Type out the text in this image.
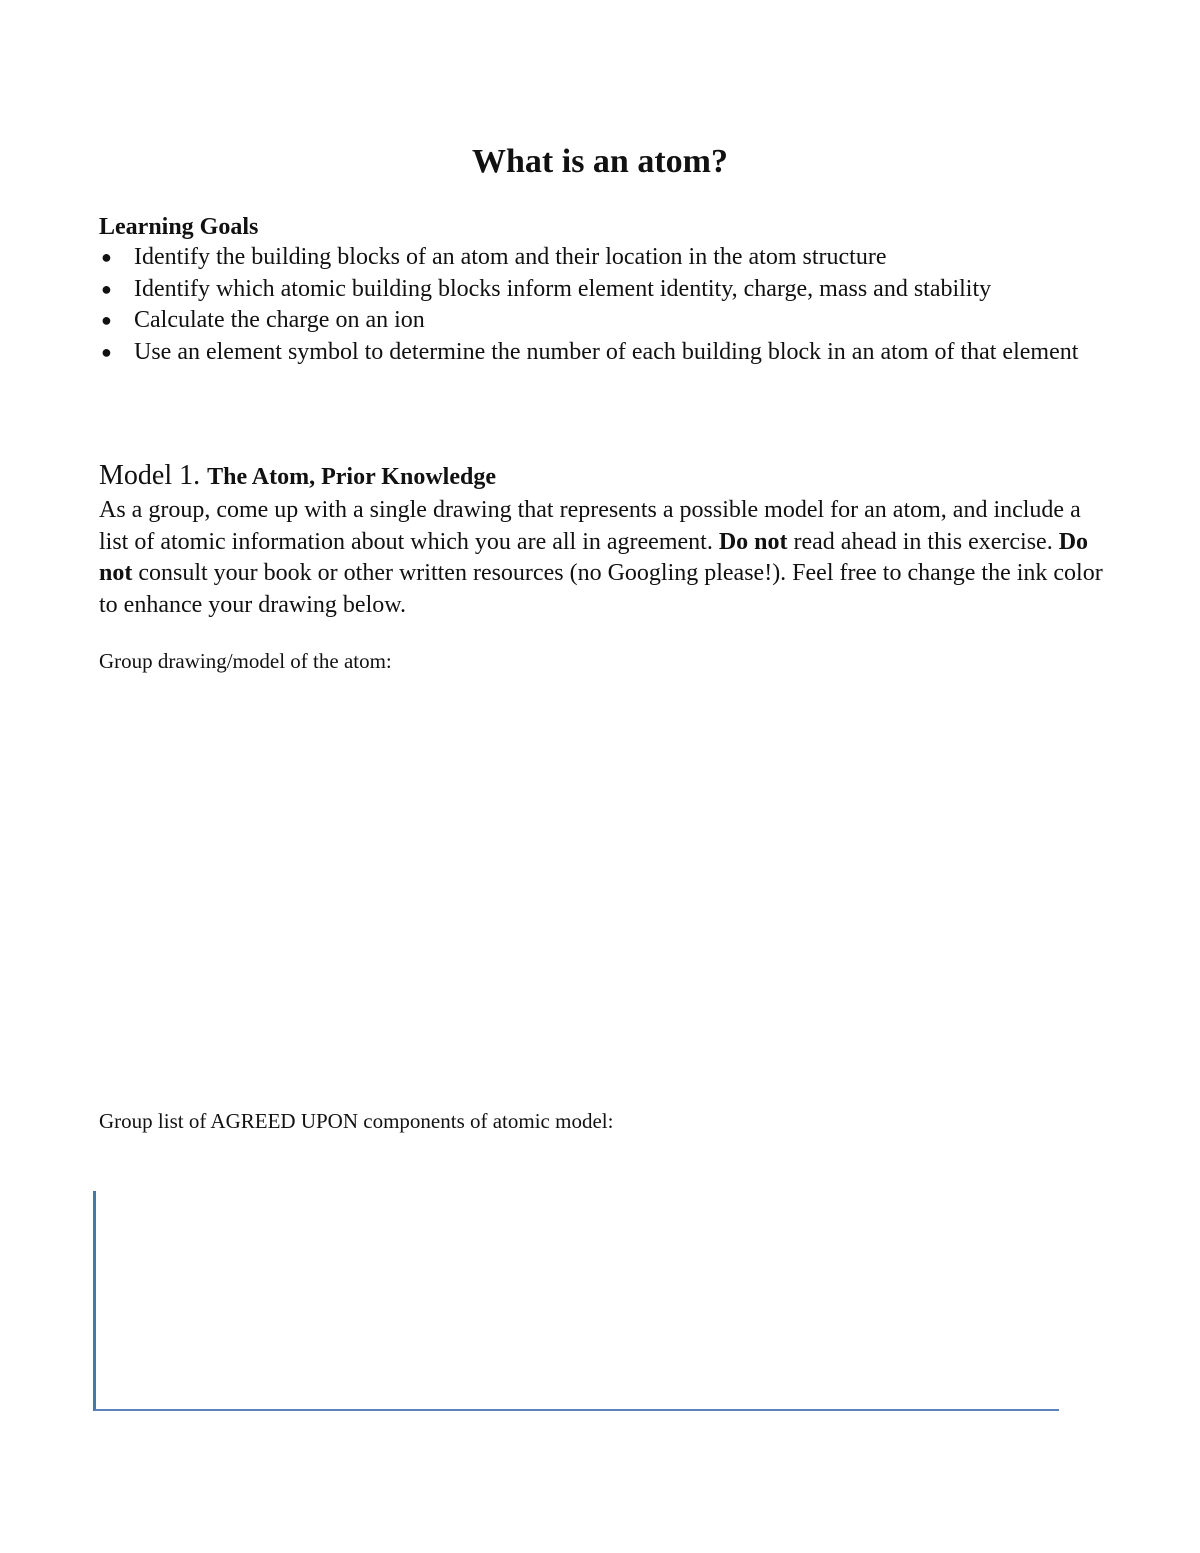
What is an atom?
Learning Goals
● Identify the building blocks of an atom and their location in the atom structure
● Identify which atomic building blocks inform element identity, charge, mass and stability
● Calculate the charge on an ion
● Use an element symbol to determine the number of each building block in an atom of that element
Model 1. The Atom, Prior Knowledge

As a group, come up with a single drawing that represents a possible model for an atom, and include a list of atomic information about which you are all in agreement. Do not read ahead in this exercise. Do not consult your book or other written resources (no Googling please!). Feel free to change the ink color to enhance your drawing below.

Group drawing/model of the atom:
Group list of AGREED UPON components of atomic model:
